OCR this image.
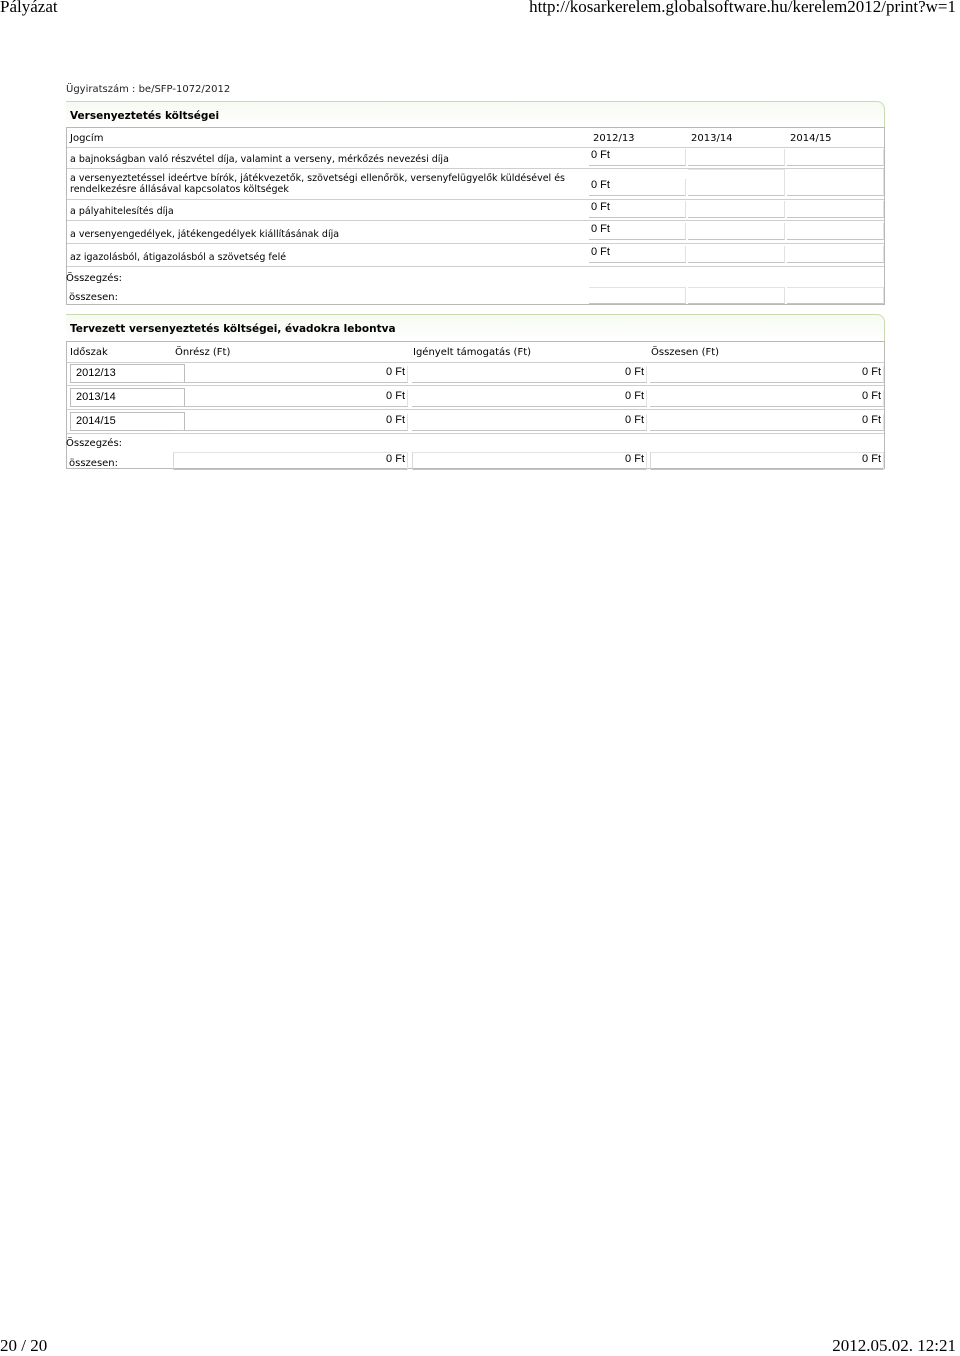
Pályázat	http://kosarkerelem.globalsoftware.hu/kerelem2012/print?w=1
Ügyiratszám : be/SFP-1072/2012
Versenyeztetés költségei
Jogcím	2012/13	2013/14	2014/15
a bajnokságban való részvétel díja, valamint a verseny, mérkőzés nevezési díja	0 Ft
a versenyeztetéssel ideértve bírók, játékvezetők, szövetségi ellenőrök, versenyfelügyelők küldésével és
rendelkezésre állásával kapcsolatos költségek	0 Ft
a pályahitelesítés díja	0 Ft
a versenyengedélyek, játékengedélyek kiállításának díja	0 Ft
az igazolásból, átigazolásból a szövetség felé	0 Ft
Összegzés:
összesen:
Tervezett versenyeztetés költségei, évadokra lebontva
Időszak	Önrész (Ft)	Igényelt támogatás (Ft)	Összesen (Ft)
2012/13	0 Ft	0 Ft	0 Ft
2013/14	0 Ft	0 Ft	0 Ft
2014/15	0 Ft	0 Ft	0 Ft
Összegzés:
összesen:	0 Ft	0 Ft	0 Ft
20 / 20	2012.05.02. 12:21
